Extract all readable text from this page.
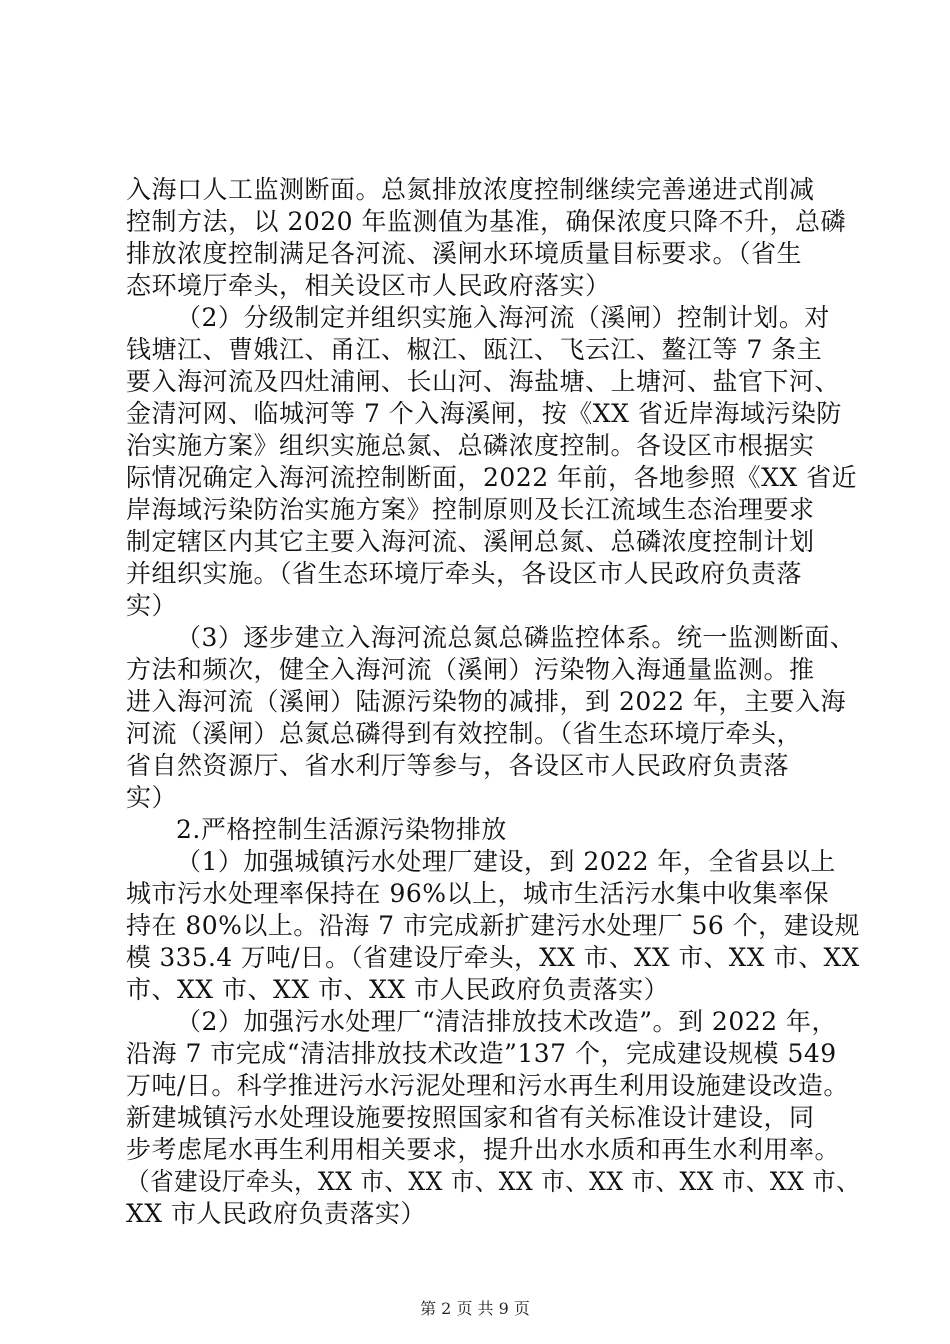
入海口人工监测断面。总氮排放浓度控制继续完善递进式削减
控制方法，以 2020 年监测值为基准，确保浓度只降不升，总磷
排放浓度控制满足各河流、溪闸水环境质量目标要求。（省生
态环境厅牵头，相关设区市人民政府落实）
（2）分级制定并组织实施入海河流（溪闸）控制计划。对
钱塘江、曹娥江、甬江、椒江、瓯江、飞云江、鳌江等 7 条主
要入海河流及四灶浦闸、长山河、海盐塘、上塘河、盐官下河、
金清河网、临城河等 7 个入海溪闸，按《XX 省近岸海域污染防
治实施方案》组织实施总氮、总磷浓度控制。各设区市根据实
际情况确定入海河流控制断面，2022 年前，各地参照《XX 省近
岸海域污染防治实施方案》控制原则及长江流域生态治理要求
制定辖区内其它主要入海河流、溪闸总氮、总磷浓度控制计划
并组织实施。（省生态环境厅牵头，各设区市人民政府负责落
实）
（3）逐步建立入海河流总氮总磷监控体系。统一监测断面、
方法和频次，健全入海河流（溪闸）污染物入海通量监测。推
进入海河流（溪闸）陆源污染物的减排，到 2022 年，主要入海
河流（溪闸）总氮总磷得到有效控制。（省生态环境厅牵头，
省自然资源厅、省水利厅等参与，各设区市人民政府负责落
实）
2.严格控制生活源污染物排放
（1）加强城镇污水处理厂建设，到 2022 年，全省县以上
城市污水处理率保持在 96%以上，城市生活污水集中收集率保
持在 80%以上。沿海 7 市完成新扩建污水处理厂 56 个，建设规
模 335.4 万吨/日。（省建设厅牵头，XX 市、XX 市、XX 市、XX
市、XX 市、XX 市、XX 市人民政府负责落实）
（2）加强污水处理厂“清洁排放技术改造”。到 2022 年，
沿海 7 市完成“清洁排放技术改造”137 个，完成建设规模 549
万吨/日。科学推进污水污泥处理和污水再生利用设施建设改造。
新建城镇污水处理设施要按照国家和省有关标准设计建设，同
步考虑尾水再生利用相关要求，提升出水水质和再生水利用率。
（省建设厅牵头，XX 市、XX 市、XX 市、XX 市、XX 市、XX 市、
XX 市人民政府负责落实）
第 2 页 共 9 页
